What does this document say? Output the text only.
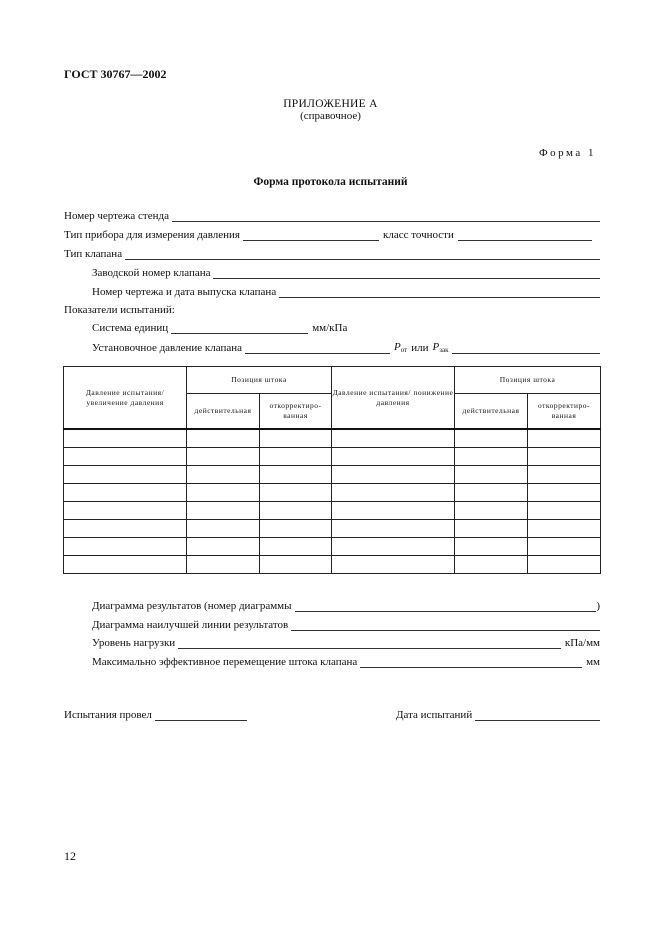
ГОСТ 30767—2002
ПРИЛОЖЕНИЕ А
(справочное)
Форма 1
Форма протокола испытаний
Номер чертежа стенда
Тип прибора для измерения давления	класс точности
Тип клапана
Заводской номер клапана
Номер чертежа и дата выпуска клапана
Показатели испытаний:
Система единиц	мм/кПа
Установочное давление клапана	$P_{от}$ или $P_{зак}$
Давление испытания/ увеличение давления	Позиция штока		Давление испытания/ понижение давления	Позиция штока	
	действительная	откорректиро-ванная		действительная	откорректиро-ванная

Диаграмма результатов (номер диаграммы	)
Диаграмма наилучшей линии результатов
Уровень нагрузки	кПа/мм
Максимально эффективное перемещение штока клапана	мм
Испытания провел	Дата испытаний
12
